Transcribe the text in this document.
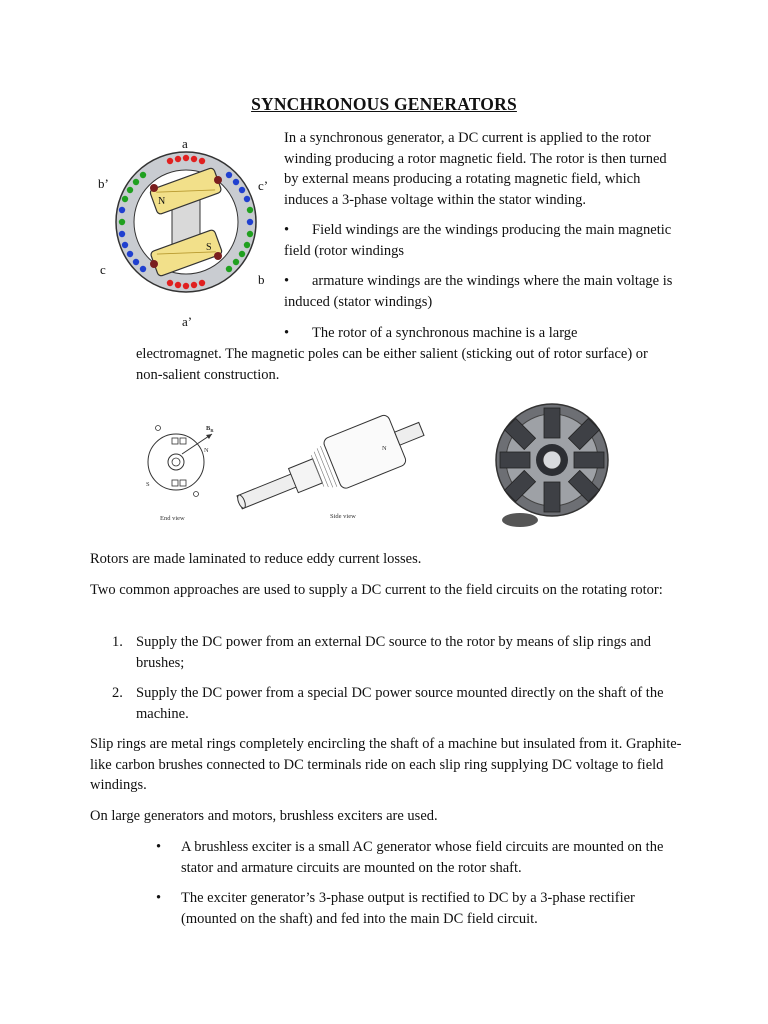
SYNCHRONOUS GENERATORS
N
S
a
b’	c’
c
b
a’
In a synchronous generator, a DC current is applied to the rotor winding producing a rotor magnetic field. The rotor is then turned by external means producing a rotating magnetic field, which induces a 3-phase voltage within the stator winding.
• Field windings are the windings producing the main magnetic field (rotor windings
• armature windings are the windings where the main voltage is induced (stator windings)
• The rotor of a synchronous machine is a large
electromagnet. The magnetic poles can be either salient (sticking out of rotor surface) or non-salient construction.
$B_R$
N
S
End view
N
Side view
Rotors are made laminated to reduce eddy current losses.
Two common approaches are used to supply a DC current to the field circuits on the rotating rotor:
1. Supply the DC power from an external DC source to the rotor by means of slip rings and brushes;
2. Supply the DC power from a special DC power source mounted directly on the shaft of the machine.
Slip rings are metal rings completely encircling the shaft of a machine but insulated from it. Graphite-like carbon brushes connected to DC terminals ride on each slip ring supplying DC voltage to field windings.
On large generators and motors, brushless exciters are used.
• A brushless exciter is a small AC generator whose field circuits are mounted on the stator and armature circuits are mounted on the rotor shaft.
• The exciter generator’s 3-phase output is rectified to DC by a 3-phase rectifier (mounted on the shaft) and fed into the main DC field circuit.
